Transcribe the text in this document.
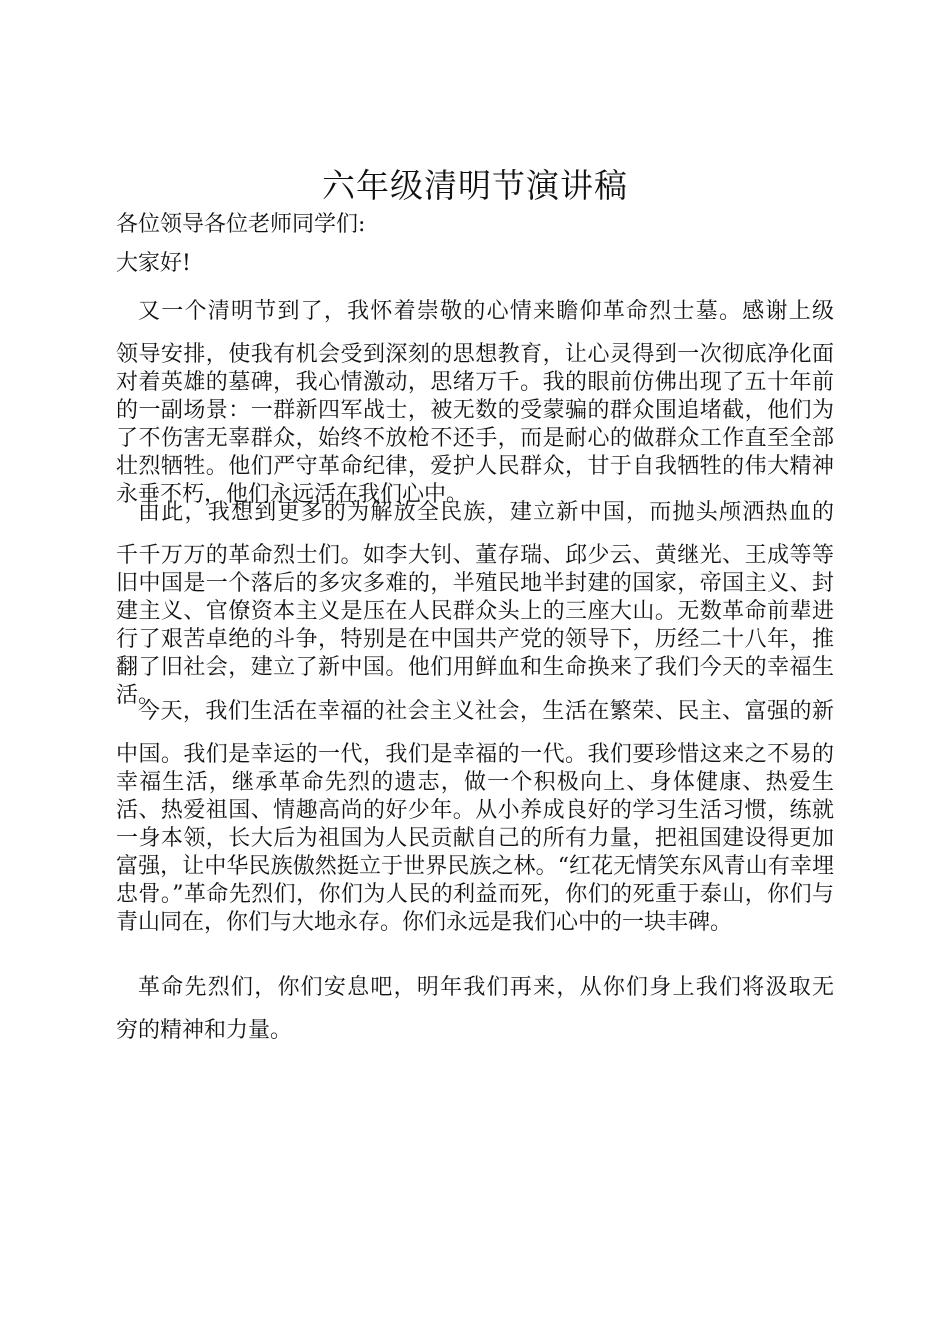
六年级清明节演讲稿
各位领导各位老师同学们:
大家好!
又一个清明节到了，我怀着崇敬的心情来瞻仰革命烈士墓。感谢上级
领导安排，使我有机会受到深刻的思想教育，让心灵得到一次彻底净化面对着英雄的墓碑，我心情激动，思绪万千。我的眼前仿佛出现了五十年前的一副场景：一群新四军战士，被无数的受蒙骗的群众围追堵截，他们为了不伤害无辜群众，始终不放枪不还手，而是耐心的做群众工作直至全部壮烈牺牲。他们严守革命纪律，爱护人民群众，甘于自我牺牲的伟大精神永垂不朽，他们永远活在我们心中。
由此，我想到更多的为解放全民族，建立新中国，而抛头颅洒热血的
千千万万的革命烈士们。如李大钊、董存瑞、邱少云、黄继光、王成等等旧中国是一个落后的多灾多难的，半殖民地半封建的国家，帝国主义、封建主义、官僚资本主义是压在人民群众头上的三座大山。无数革命前辈进行了艰苦卓绝的斗争，特别是在中国共产党的领导下，历经二十八年，推翻了旧社会，建立了新中国。他们用鲜血和生命换来了我们今天的幸福生活。
今天，我们生活在幸福的社会主义社会，生活在繁荣、民主、富强的新
中国。我们是幸运的一代，我们是幸福的一代。我们要珍惜这来之不易的幸福生活，继承革命先烈的遗志，做一个积极向上、身体健康、热爱生活、热爱祖国、情趣高尚的好少年。从小养成良好的学习生活习惯，练就一身本领，长大后为祖国为人民贡献自己的所有力量，把祖国建设得更加富强，让中华民族傲然挺立于世界民族之林。“红花无情笑东风青山有幸埋忠骨。”革命先烈们，你们为人民的利益而死，你们的死重于泰山，你们与青山同在，你们与大地永存。你们永远是我们心中的一块丰碑。
革命先烈们，你们安息吧，明年我们再来，从你们身上我们将汲取无
穷的精神和力量。
